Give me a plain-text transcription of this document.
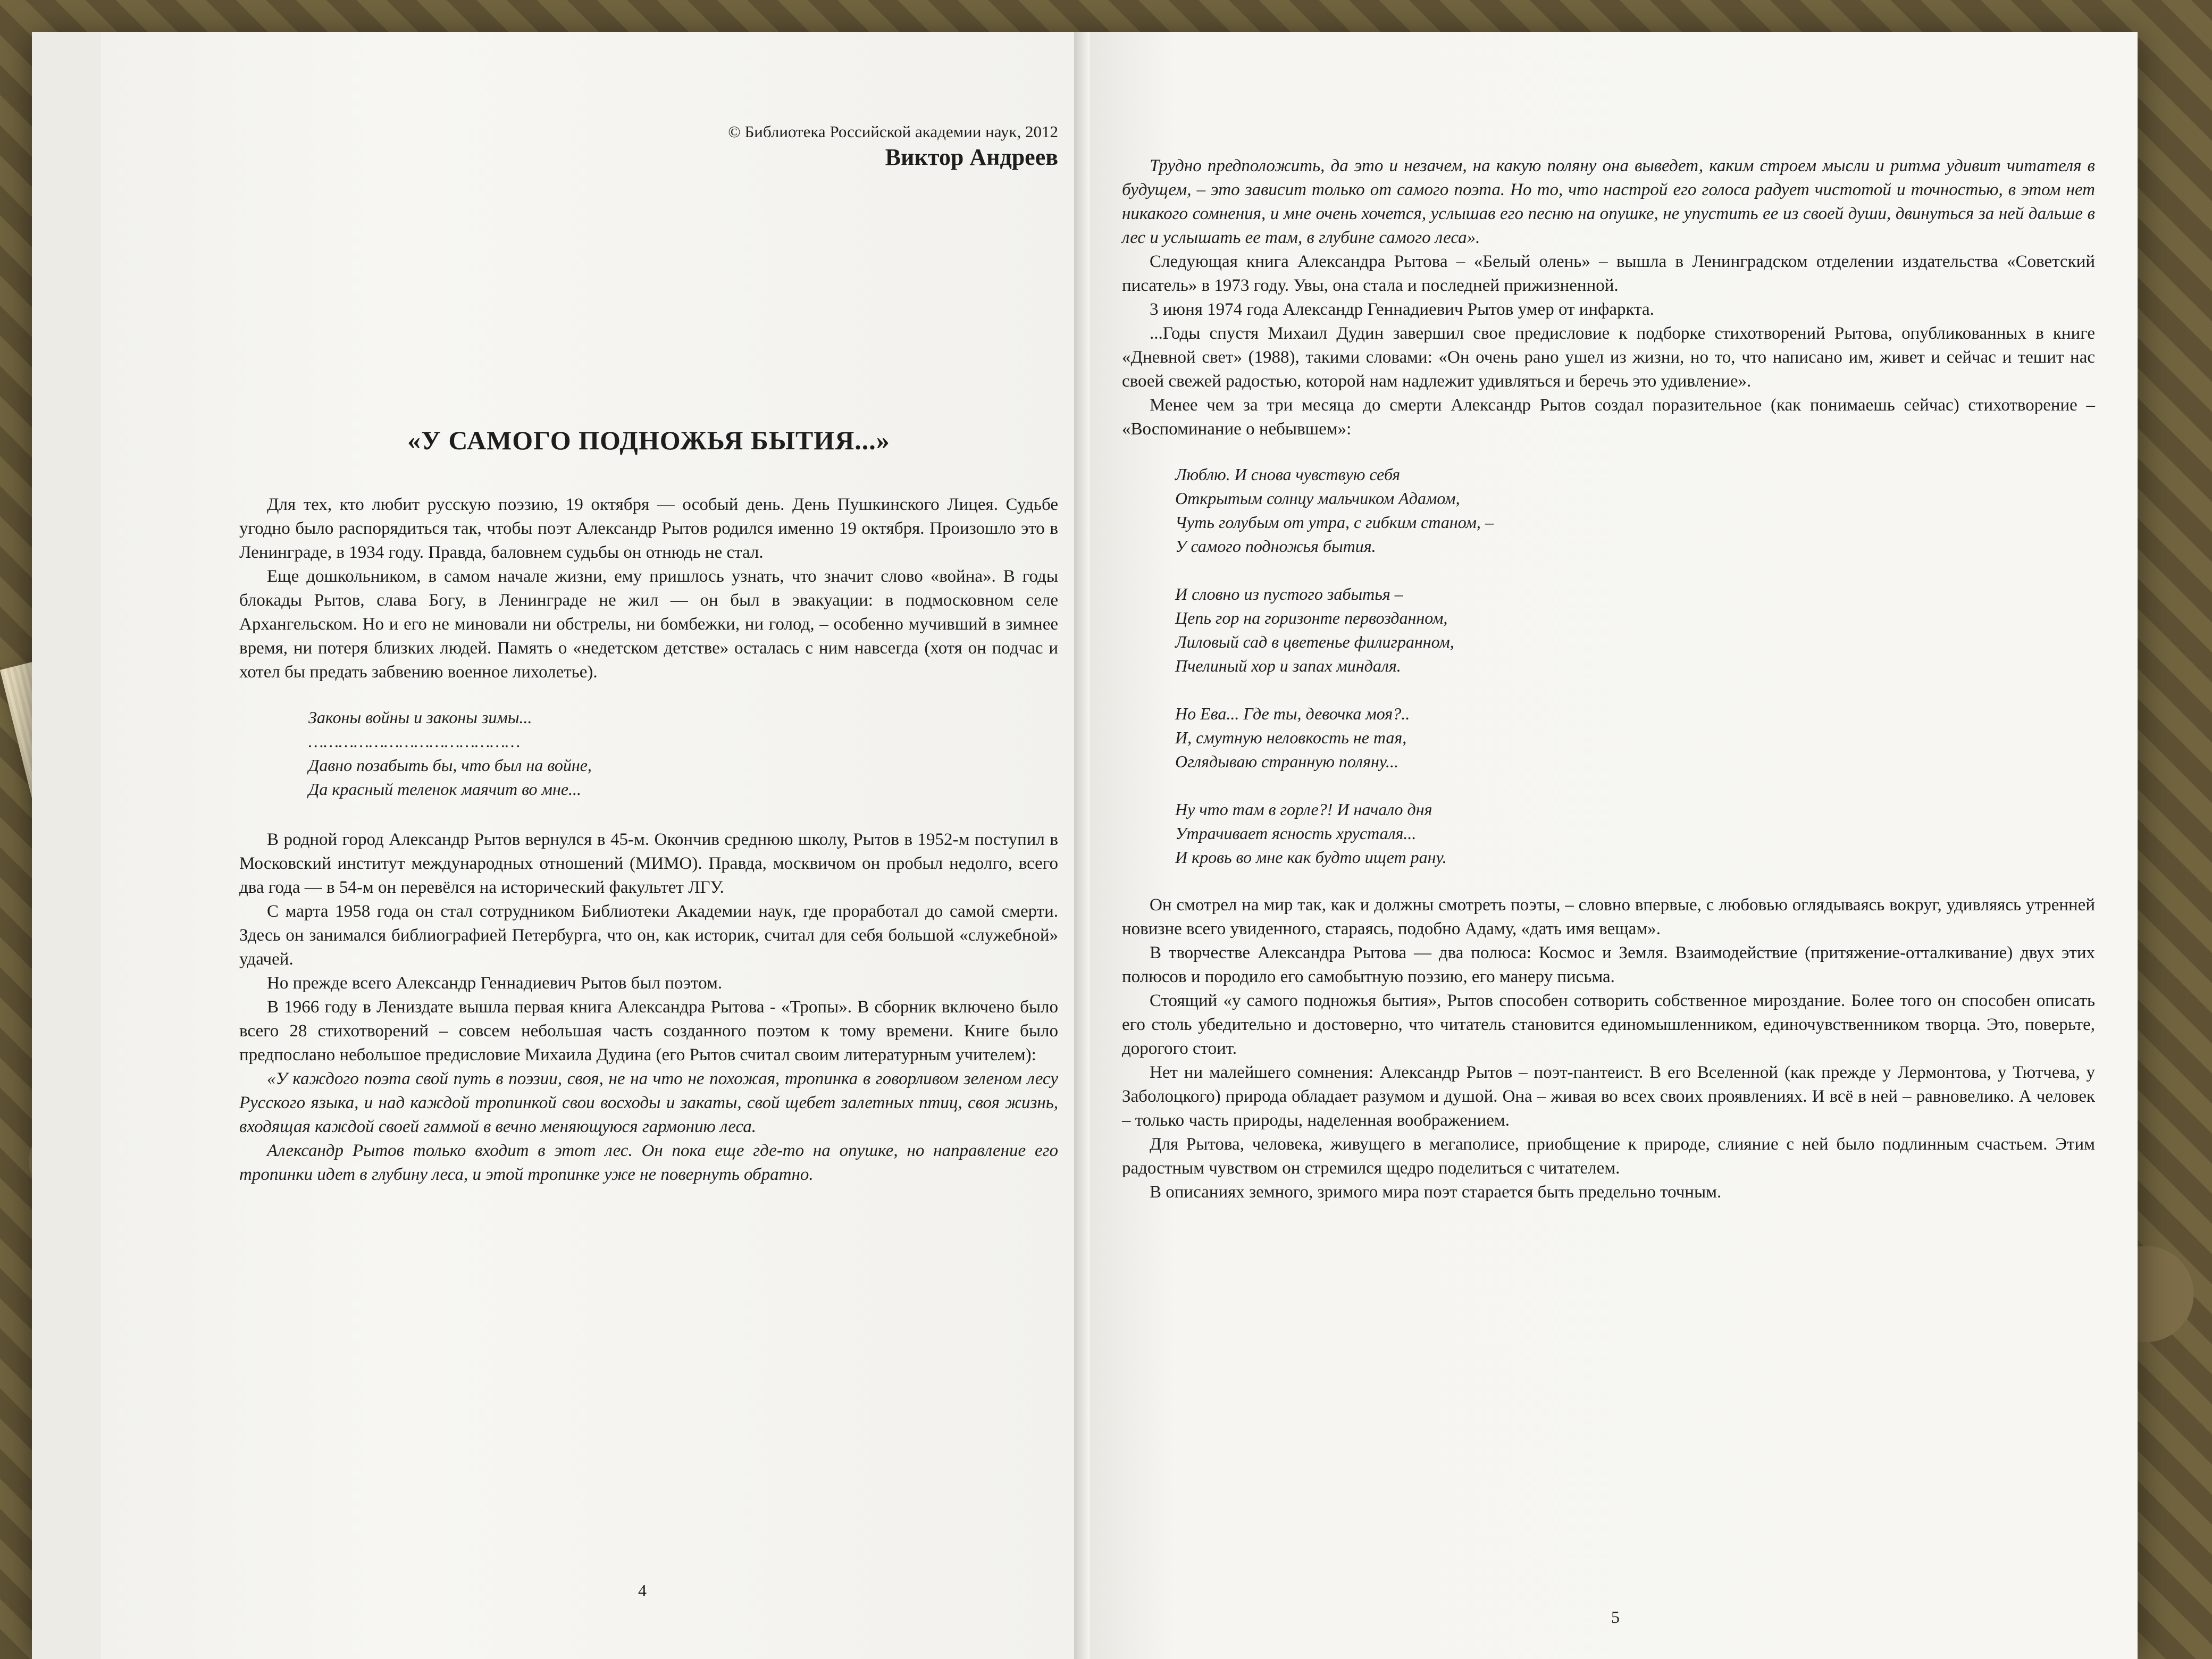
© Библиотека Российской академии наук, 2012
Виктор Андреев

«У САМОГО ПОДНОЖЬЯ БЫТИЯ...»

Для тех, кто любит русскую поэзию, 19 октября — особый день. День Пушкинского Лицея. Судьбе угодно было распорядиться так, чтобы поэт Александр Рытов родился именно 19 октября. Произошло это в Ленинграде, в 1934 году. Правда, баловнем судьбы он отнюдь не стал.

Еще дошкольником, в самом начале жизни, ему пришлось узнать, что значит слово «война». В годы блокады Рытов, слава Богу, в Ленинграде не жил — он был в эвакуации: в подмосковном селе Архангельском. Но и его не миновали ни обстрелы, ни бомбежки, ни голод, – особенно мучивший в зимнее время, ни потеря близких людей. Память о «недетском детстве» осталась с ним навсегда (хотя он подчас и хотел бы предать забвению военное лихолетье).

Законы войны и законы зимы...
……………………………………
Давно позабыть бы, что был на войне,
Да красный теленок маячит во мне...

В родной город Александр Рытов вернулся в 45-м. Окончив среднюю школу, Рытов в 1952-м поступил в Московский институт международных отношений (МИМО). Правда, москвичом он пробыл недолго, всего два года — в 54-м он перевёлся на исторический факультет ЛГУ.

С марта 1958 года он стал сотрудником Библиотеки Академии наук, где проработал до самой смерти. Здесь он занимался библиографией Петербурга, что он, как историк, считал для себя большой «служебной» удачей.

Но прежде всего Александр Геннадиевич Рытов был поэтом.

В 1966 году в Лениздате вышла первая книга Александра Рытова - «Тропы». В сборник включено было всего 28 стихотворений – совсем небольшая часть созданного поэтом к тому времени. Книге было предпослано небольшое предисловие Михаила Дудина (его Рытов считал своим литературным учителем):

«У каждого поэта свой путь в поэзии, своя, не на что не похожая, тропинка в говорливом зеленом лесу Русского языка, и над каждой тропинкой свои восходы и закаты, свой щебет залетных птиц, своя жизнь, входящая каждой своей гаммой в вечно меняющуюся гармонию леса.

Александр Рытов только входит в этот лес. Он пока еще где-то на опушке, но направление его тропинки идет в глубину леса, и этой тропинке уже не повернуть обратно.

4

Трудно предположить, да это и незачем, на какую поляну она выведет, каким строем мысли и ритма удивит читателя в будущем, – это зависит только от самого поэта. Но то, что настрой его голоса радует чистотой и точностью, в этом нет никакого сомнения, и мне очень хочется, услышав его песню на опушке, не упустить ее из своей души, двинуться за ней дальше в лес и услышать ее там, в глубине самого леса».

Следующая книга Александра Рытова – «Белый олень» – вышла в Ленинградском отделении издательства «Советский писатель» в 1973 году. Увы, она стала и последней прижизненной.

3 июня 1974 года Александр Геннадиевич Рытов умер от инфаркта.

...Годы спустя Михаил Дудин завершил свое предисловие к подборке стихотворений Рытова, опубликованных в книге «Дневной свет» (1988), такими словами: «Он очень рано ушел из жизни, но то, что написано им, живет и сейчас и тешит нас своей свежей радостью, которой нам надлежит удивляться и беречь это удивление».

Менее чем за три месяца до смерти Александр Рытов создал поразительное (как понимаешь сейчас) стихотворение – «Воспоминание о небывшем»:

Люблю. И снова чувствую себя
Открытым солнцу мальчиком Адамом,
Чуть голубым от утра, с гибким станом, –
У самого подножья бытия.
И словно из пустого забытья –
Цепь гор на горизонте первозданном,
Лиловый сад в цветенье филигранном,
Пчелиный хор и запах миндаля.
Но Ева... Где ты, девочка моя?..
И, смутную неловкость не тая,
Оглядываю странную поляну...
Ну что там в горле?! И начало дня
Утрачивает ясность хрусталя...
И кровь во мне как будто ищет рану.

Он смотрел на мир так, как и должны смотреть поэты, – словно впервые, с любовью оглядываясь вокруг, удивляясь утренней новизне всего увиденного, стараясь, подобно Адаму, «дать имя вещам».

В творчестве Александра Рытова — два полюса: Космос и Земля. Взаимодействие (притяжение-отталкивание) двух этих полюсов и породило его самобытную поэзию, его манеру письма.

Стоящий «у самого подножья бытия», Рытов способен сотворить собственное мироздание. Более того он способен описать его столь убедительно и достоверно, что читатель становится единомышленником, единочувственником творца. Это, поверьте, дорогого стоит.

Нет ни малейшего сомнения: Александр Рытов – поэт-пантеист. В его Вселенной (как прежде у Лермонтова, у Тютчева, у Заболоцкого) природа обладает разумом и душой. Она – живая во всех своих проявлениях. И всё в ней – равновелико. А человек – только часть природы, наделенная воображением.

Для Рытова, человека, живущего в мегаполисе, приобщение к природе, слияние с ней было подлинным счастьем. Этим радостным чувством он стремился щедро поделиться с читателем.

В описаниях земного, зримого мира поэт старается быть предельно точным.

5
